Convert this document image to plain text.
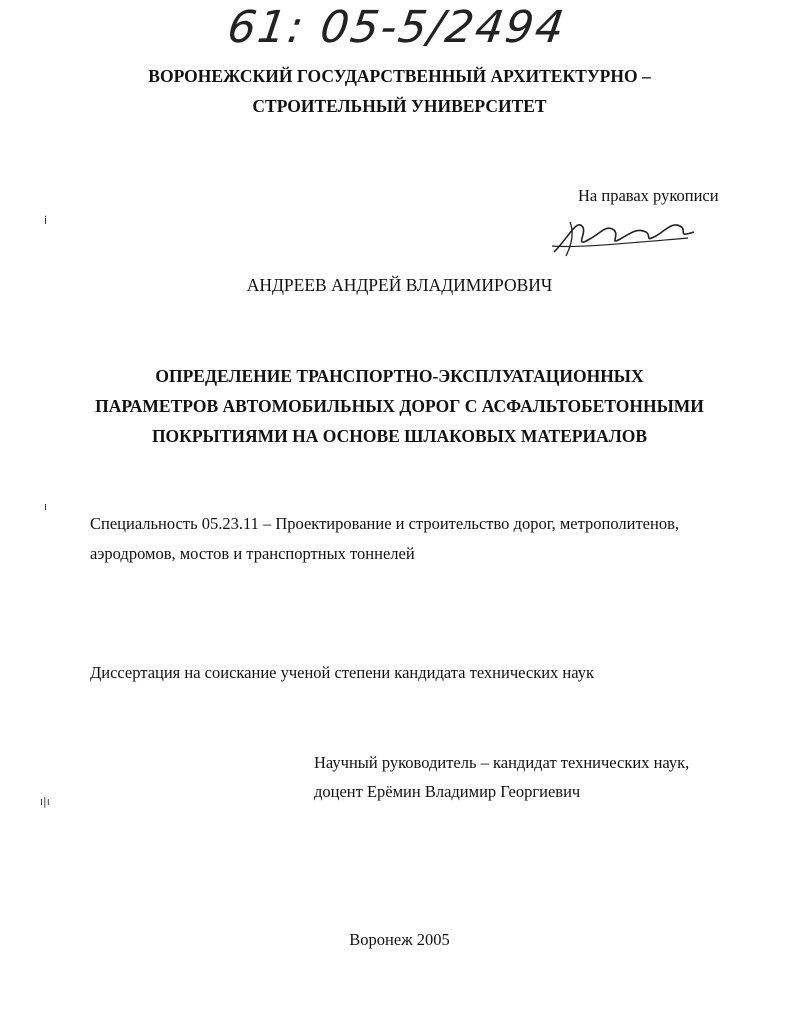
61: 05-5/2494
ВОРОНЕЖСКИЙ ГОСУДАРСТВЕННЫЙ АРХИТЕКТУРНО –
СТРОИТЕЛЬНЫЙ УНИВЕРСИТЕТ
На правах рукописи
ı̇
АНДРЕЕВ АНДРЕЙ ВЛАДИМИРОВИЧ
ОПРЕДЕЛЕНИЕ ТРАНСПОРТНО-ЭКСПЛУАТАЦИОННЫХ
ПАРАМЕТРОВ АВТОМОБИЛЬНЫХ ДОРОГ С АСФАЛЬТОБЕТОННЫМИ
ПОКРЫТИЯМИ НА ОСНОВЕ ШЛАКОВЫХ МАТЕРИАЛОВ
ı
Специальность 05.23.11 – Проектирование и строительство дорог, метрополитенов,
аэродромов, мостов и транспортных тоннелей
Диссертация на соискание ученой степени кандидата технических наук
Научный руководитель – кандидат технических наук,
доцент Ерёмин Владимир Георгиевич
ı|ı
Воронеж 2005
